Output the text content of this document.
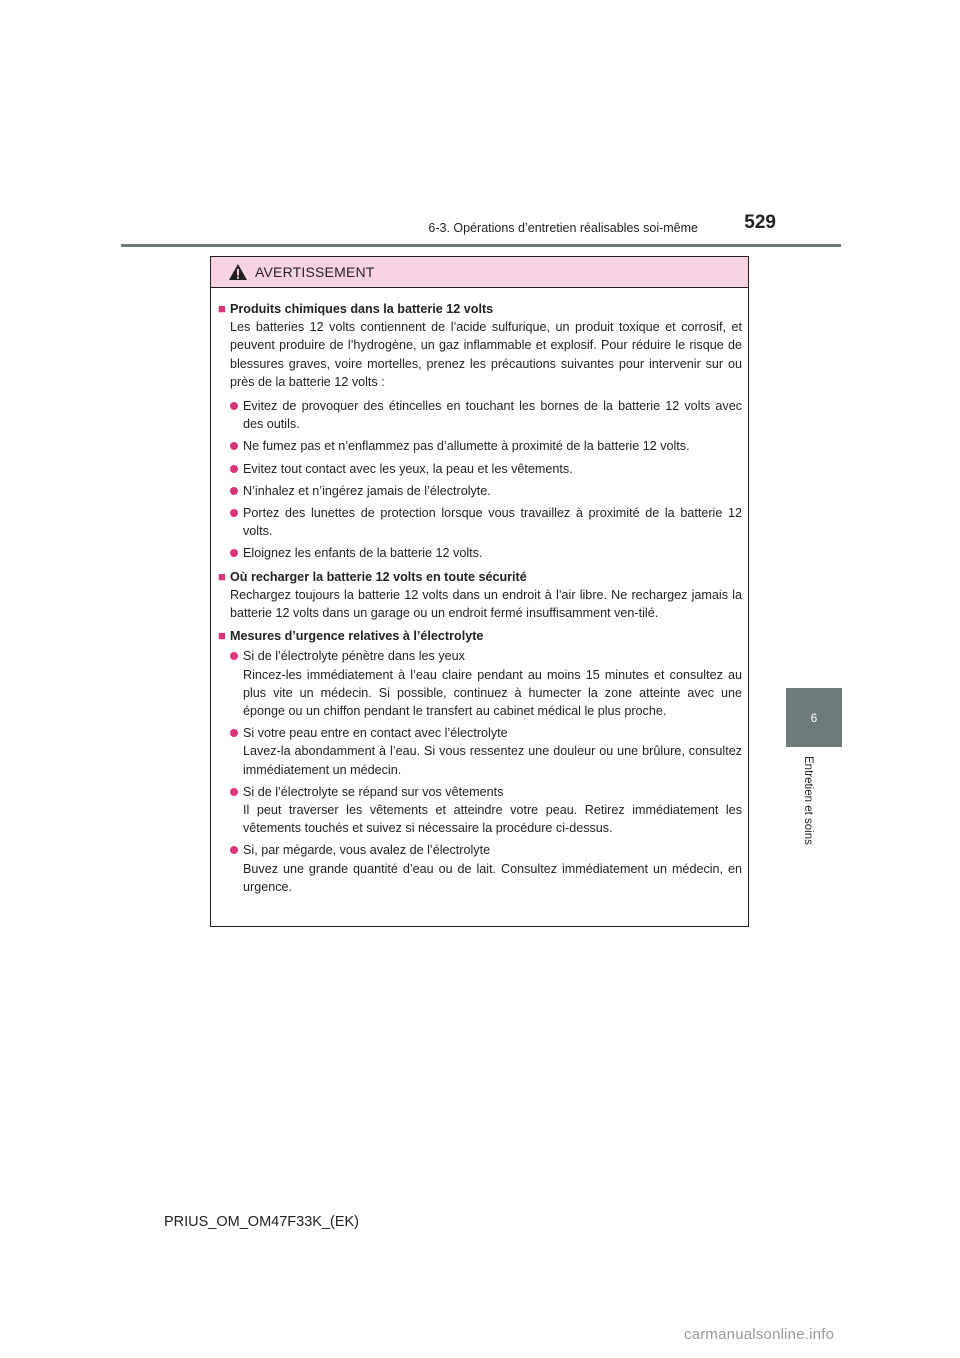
6-3. Opérations d’entretien réalisables soi-même	529
6
Entretien et soins
AVERTISSEMENT
■ Produits chimiques dans la batterie 12 volts
Les batteries 12 volts contiennent de l’acide sulfurique, un produit toxique et corrosif, et peuvent produire de l’hydrogène, un gaz inflammable et explosif. Pour réduire le risque de blessures graves, voire mortelles, prenez les précautions suivantes pour intervenir sur ou près de la batterie 12 volts :
Evitez de provoquer des étincelles en touchant les bornes de la batterie 12 volts avec des outils.
Ne fumez pas et n’enflammez pas d’allumette à proximité de la batterie 12 volts.
Evitez tout contact avec les yeux, la peau et les vêtements.
N’inhalez et n’ingérez jamais de l’électrolyte.
Portez des lunettes de protection lorsque vous travaillez à proximité de la batterie 12 volts.
Eloignez les enfants de la batterie 12 volts.
■ Où recharger la batterie 12 volts en toute sécurité
Rechargez toujours la batterie 12 volts dans un endroit à l’air libre. Ne rechargez jamais la batterie 12 volts dans un garage ou un endroit fermé insuffisamment ven-tilé.
■ Mesures d’urgence relatives à l’électrolyte
Si de l’électrolyte pénètre dans les yeux
Rincez-les immédiatement à l’eau claire pendant au moins 15 minutes et consultez au plus vite un médecin. Si possible, continuez à humecter la zone atteinte avec une éponge ou un chiffon pendant le transfert au cabinet médical le plus proche.
Si votre peau entre en contact avec l’électrolyte
Lavez-la abondamment à l’eau. Si vous ressentez une douleur ou une brûlure, consultez immédiatement un médecin.
Si de l’électrolyte se répand sur vos vêtements
Il peut traverser les vêtements et atteindre votre peau. Retirez immédiatement les vêtements touchés et suivez si nécessaire la procédure ci-dessus.
Si, par mégarde, vous avalez de l’électrolyte
Buvez une grande quantité d’eau ou de lait. Consultez immédiatement un médecin, en urgence.
PRIUS_OM_OM47F33K_(EK)
carmanualsonline.info
